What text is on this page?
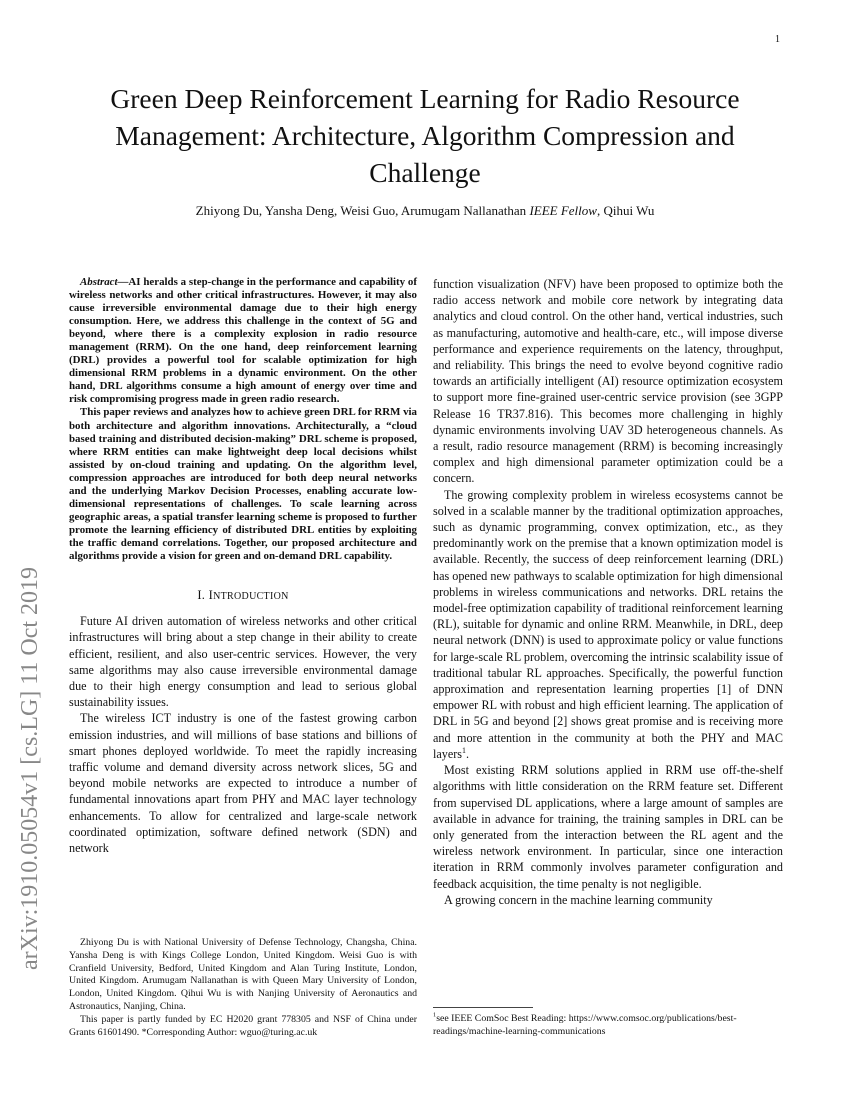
1
arXiv:1910.05054v1 [cs.LG] 11 Oct 2019
Green Deep Reinforcement Learning for Radio Resource Management: Architecture, Algorithm Compression and Challenge
Zhiyong Du, Yansha Deng, Weisi Guo, Arumugam Nallanathan IEEE Fellow, Qihui Wu

Abstract—AI heralds a step-change in the performance and capability of wireless networks and other critical infrastructures. However, it may also cause irreversible environmental damage due to their high energy consumption. Here, we address this challenge in the context of 5G and beyond, where there is a complexity explosion in radio resource management (RRM). On the one hand, deep reinforcement learning (DRL) provides a powerful tool for scalable optimization for high dimensional RRM problems in a dynamic environment. On the other hand, DRL algorithms consume a high amount of energy over time and risk compromising progress made in green radio research.

This paper reviews and analyzes how to achieve green DRL for RRM via both architecture and algorithm innovations. Architecturally, a “cloud based training and distributed decision-making” DRL scheme is proposed, where RRM entities can make lightweight deep local decisions whilst assisted by on-cloud training and updating. On the algorithm level, compression approaches are introduced for both deep neural networks and the underlying Markov Decision Processes, enabling accurate low-dimensional representations of challenges. To scale learning across geographic areas, a spatial transfer learning scheme is proposed to further promote the learning efficiency of distributed DRL entities by exploiting the traffic demand correlations. Together, our proposed architecture and algorithms provide a vision for green and on-demand DRL capability.

I. INTRODUCTION

Future AI driven automation of wireless networks and other critical infrastructures will bring about a step change in their ability to create efficient, resilient, and also user-centric services. However, the very same algorithms may also cause irreversible environmental damage due to their high energy consumption and lead to serious global sustainability issues.

The wireless ICT industry is one of the fastest growing carbon emission industries, and will millions of base stations and billions of smart phones deployed worldwide. To meet the rapidly increasing traffic volume and demand diversity across network slices, 5G and beyond mobile networks are expected to introduce a number of fundamental innovations apart from PHY and MAC layer technology enhancements. To allow for centralized and large-scale network coordinated optimization, software defined network (SDN) and network

function visualization (NFV) have been proposed to optimize both the radio access network and mobile core network by integrating data analytics and cloud control. On the other hand, vertical industries, such as manufacturing, automotive and health-care, etc., will impose diverse performance and experience requirements on the latency, throughput, and reliability. This brings the need to evolve beyond cognitive radio towards an artificially intelligent (AI) resource optimization ecosystem to support more fine-grained user-centric service provision (see 3GPP Release 16 TR37.816). This becomes more challenging in highly dynamic environments involving UAV 3D heterogeneous channels. As a result, radio resource management (RRM) is becoming increasingly complex and high dimensional parameter optimization could be a concern.

The growing complexity problem in wireless ecosystems cannot be solved in a scalable manner by the traditional optimization approaches, such as dynamic programming, convex optimization, etc., as they predominantly work on the premise that a known optimization model is available. Recently, the success of deep reinforcement learning (DRL) has opened new pathways to scalable optimization for high dimensional problems in wireless communications and networks. DRL retains the model-free optimization capability of traditional reinforcement learning (RL), suitable for dynamic and online RRM. Meanwhile, in DRL, deep neural network (DNN) is used to approximate policy or value functions for large-scale RL problem, overcoming the intrinsic scalability issue of traditional tabular RL approaches. Specifically, the powerful function approximation and representation learning properties [1] of DNN empower RL with robust and high efficient learning. The application of DRL in 5G and beyond [2] shows great promise and is receiving more and more attention in the community at both the PHY and MAC layers$^1$.

Most existing RRM solutions applied in RRM use off-the-shelf algorithms with little consideration on the RRM feature set. Different from supervised DL applications, where a large amount of samples are available in advance for training, the training samples in DRL can be only generated from the interaction between the RL agent and the wireless network environment. In particular, since one interaction iteration in RRM commonly involves parameter configuration and feedback acquisition, the time penalty is not negligible.

A growing concern in the machine learning community

Zhiyong Du is with National University of Defense Technology, Changsha, China. Yansha Deng is with Kings College London, United Kingdom. Weisi Guo is with Cranfield University, Bedford, United Kingdom and Alan Turing Institute, London, United Kingdom. Arumugam Nallanathan is with Queen Mary University of London, London, United Kingdom. Qihui Wu is with Nanjing University of Aeronautics and Astronautics, Nanjing, China.

This paper is partly funded by EC H2020 grant 778305 and NSF of China under Grants 61601490. *Corresponding Author: wguo@turing.ac.uk

$^1$see IEEE ComSoc Best Reading: https://www.comsoc.org/publications/best-readings/machine-learning-communications
